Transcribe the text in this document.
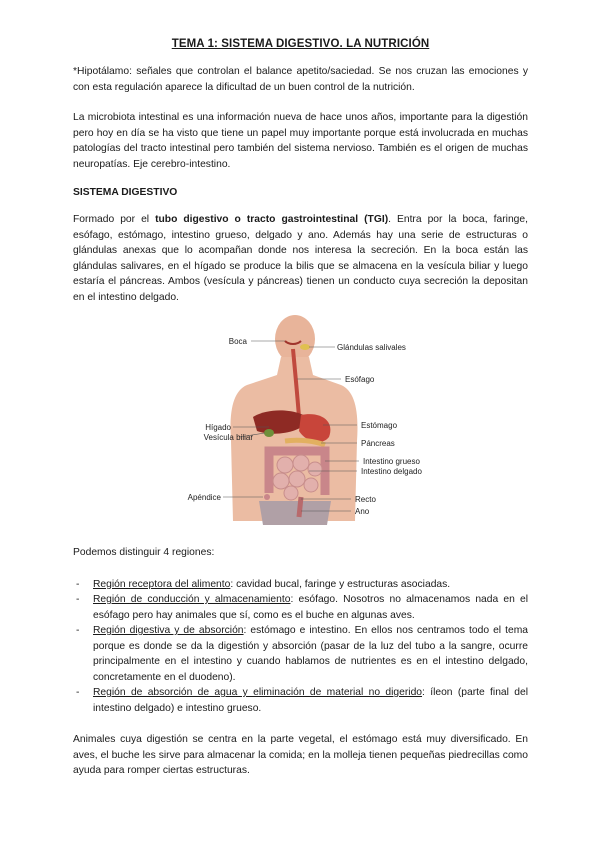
TEMA 1: SISTEMA DIGESTIVO. LA NUTRICIÓN

*Hipotálamo: señales que controlan el balance apetito/saciedad. Se nos cruzan las emociones y con esta regulación aparece la dificultad de un buen control de la nutrición.

La microbiota intestinal es una información nueva de hace unos años, importante para la digestión pero hoy en día se ha visto que tiene un papel muy importante porque está involucrada en muchas patologías del tracto intestinal pero también del sistema nervioso. También es el origen de muchas neuropatías. Eje cerebro-intestino.

SISTEMA DIGESTIVO

Formado por el tubo digestivo o tracto gastrointestinal (TGI). Entra por la boca, faringe, esófago, estómago, intestino grueso, delgado y ano. Además hay una serie de estructuras o glándulas anexas que lo acompañan donde nos interesa la secreción. En la boca están las glándulas salivares, en el hígado se produce la bilis que se almacena en la vesícula biliar y luego estaría el páncreas. Ambos (vesícula y páncreas) tienen un conducto cuya secreción la depositan en el intestino delgado.

Boca
Glándulas salivales
Esófago
Estómago
Hígado
Vesícula biliar
Páncreas
Intestino grueso
Intestino delgado
Apéndice	Recto
Ano

Podemos distinguir 4 regiones:

- Región receptora del alimento: cavidad bucal, faringe y estructuras asociadas.
- Región de conducción y almacenamiento: esófago. Nosotros no almacenamos nada en el esófago pero hay animales que sí, como es el buche en algunas aves.
- Región digestiva y de absorción: estómago e intestino. En ellos nos centramos todo el tema porque es donde se da la digestión y absorción (pasar de la luz del tubo a la sangre, ocurre principalmente en el intestino y cuando hablamos de nutrientes es en el intestino delgado, concretamente en el duodeno).
- Región de absorción de agua y eliminación de material no digerido: íleon (parte final del intestino delgado) e intestino grueso.

Animales cuya digestión se centra en la parte vegetal, el estómago está muy diversificado. En aves, el buche les sirve para almacenar la comida; en la molleja tienen pequeñas piedrecillas como ayuda para romper ciertas estructuras.
